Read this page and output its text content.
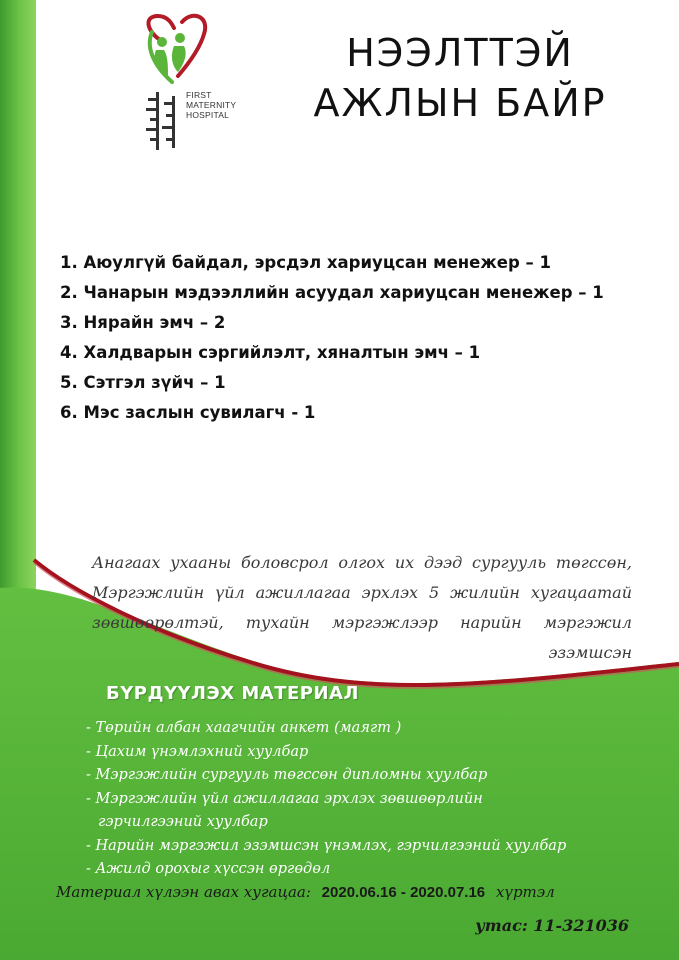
FIRST
MATERNITY
HOSPITAL
НЭЭЛТТЭЙ
АЖЛЫН БАЙР
1. Аюулгүй байдал, эрсдэл хариуцсан менежер – 1
2. Чанарын мэдээллийн асуудал хариуцсан менежер – 1
3. Нярайн эмч – 2
4. Халдварын сэргийлэлт, хяналтын эмч – 1
5. Сэтгэл зүйч – 1
6. Мэс заслын сувилагч - 1
Анагаах ухааны боловсрол олгох их дээд сургууль төгссөн, Мэргэжлийн үйл ажиллагаа эрхлэх 5 жилийн хугацаатай зөвшөөрөлтэй, тухайн мэргэжлээр нарийн мэргэжил эзэмшсэн
БҮРДҮҮЛЭХ МАТЕРИАЛ
- Төрийн албан хаагчийн анкет (маягт )
- Цахим үнэмлэхний хуулбар
- Мэргэжлийн сургууль төгссөн дипломны хуулбар
- Мэргэжлийн үйл ажиллагаа эрхлэх зөвшөөрлийн
гэрчилгээний хуулбар
- Нарийн мэргэжил эзэмшсэн үнэмлэх, гэрчилгээний хуулбар
- Ажилд орохыг хүссэн өргөдөл
Материал хүлээн авах хугацаа: 2020.06.16 - 2020.07.16 хүртэл
утас: 11-321036
